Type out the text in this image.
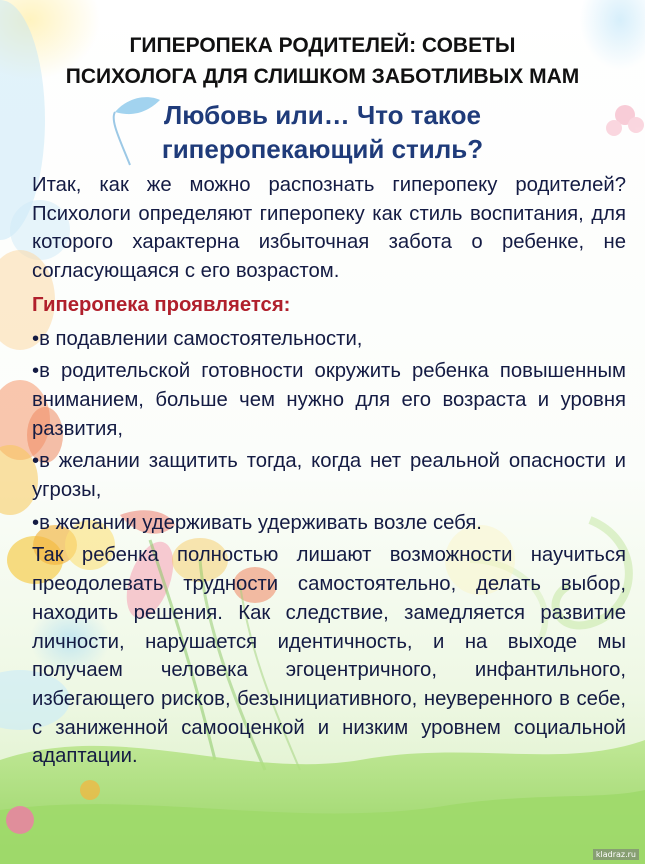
ГИПЕРОПЕКА РОДИТЕЛЕЙ: СОВЕТЫ
ПСИХОЛОГА ДЛЯ СЛИШКОМ ЗАБОТЛИВЫХ МАМ
Любовь или… Что такое
гиперопекающий стиль?

Итак, как же можно распознать гиперопеку родителей? Психологи определяют гиперопеку как стиль воспитания, для которого характерна избыточная забота о ребенке, не согласующаяся с его возрастом.

Гиперопека проявляется:

•в подавлении самостоятельности,

•в родительской готовности окружить ребенка повышенным вниманием, больше чем нужно для его возраста и уровня развития,

•в желании защитить тогда, когда нет реальной опасности и угрозы,

•в желании удерживать удерживать возле себя.

Так ребенка полностью лишают возможности научиться преодолевать трудности самостоятельно, делать выбор, находить решения. Как следствие, замедляется развитие личности, нарушается идентичность, и на выходе мы получаем человека эгоцентричного, инфантильного, избегающего рисков, безынициативного, неуверенного в себе, с заниженной самооценкой и низким уровнем социальной адаптации.

kladraz.ru
